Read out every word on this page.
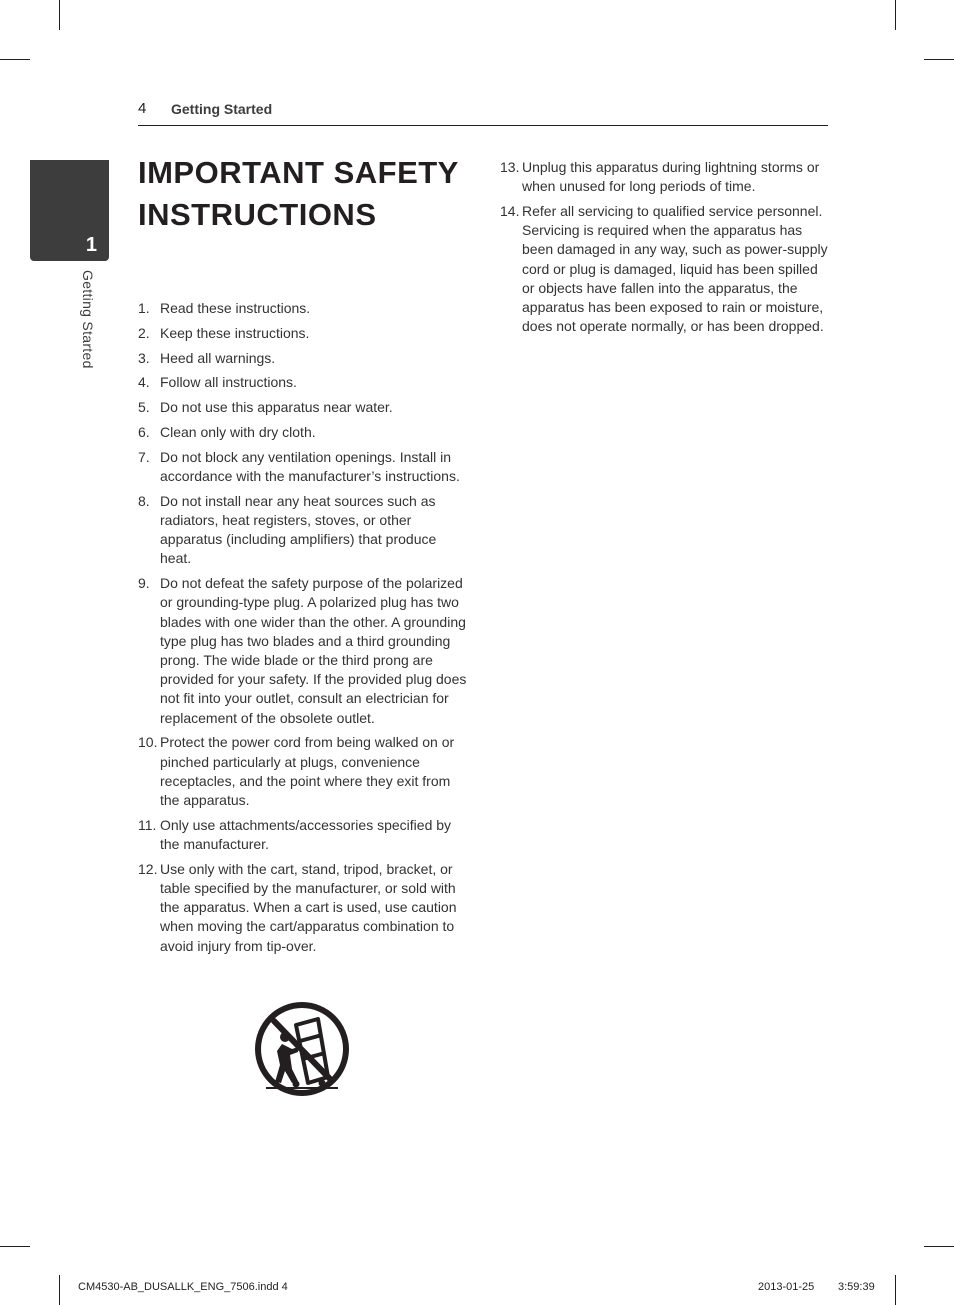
1
Getting Started
4 Getting Started
IMPORTANT SAFETY
INSTRUCTIONS
1. Read these instructions.
2. Keep these instructions.
3. Heed all warnings.
4. Follow all instructions.
5. Do not use this apparatus near water.
6. Clean only with dry cloth.
7. Do not block any ventilation openings. Install in accordance with the manufacturer’s instructions.
8. Do not install near any heat sources such as radiators, heat registers, stoves, or other apparatus (including amplifiers) that produce heat.
9. Do not defeat the safety purpose of the polarized or grounding-type plug. A polarized plug has two blades with one wider than the other. A grounding type plug has two blades and a third grounding prong. The wide blade or the third prong are provided for your safety. If the provided plug does not fit into your outlet, consult an electrician for replacement of the obsolete outlet.
10. Protect the power cord from being walked on or pinched particularly at plugs, convenience receptacles, and the point where they exit from the apparatus.
11. Only use attachments/accessories specified by the manufacturer.
12. Use only with the cart, stand, tripod, bracket, or table specified by the manufacturer, or sold with the apparatus. When a cart is used, use caution when moving the cart/apparatus combination to avoid injury from tip-over.
13. Unplug this apparatus during lightning storms or when unused for long periods of time.
14. Refer all servicing to qualified service personnel. Servicing is required when the apparatus has been damaged in any way, such as power-supply cord or plug is damaged, liquid has been spilled or objects have fallen into the apparatus, the apparatus has been exposed to rain or moisture, does not operate normally, or has been dropped.
CM4530-AB_DUSALLK_ENG_7506.indd 4	2013-01-25 3:59:39
